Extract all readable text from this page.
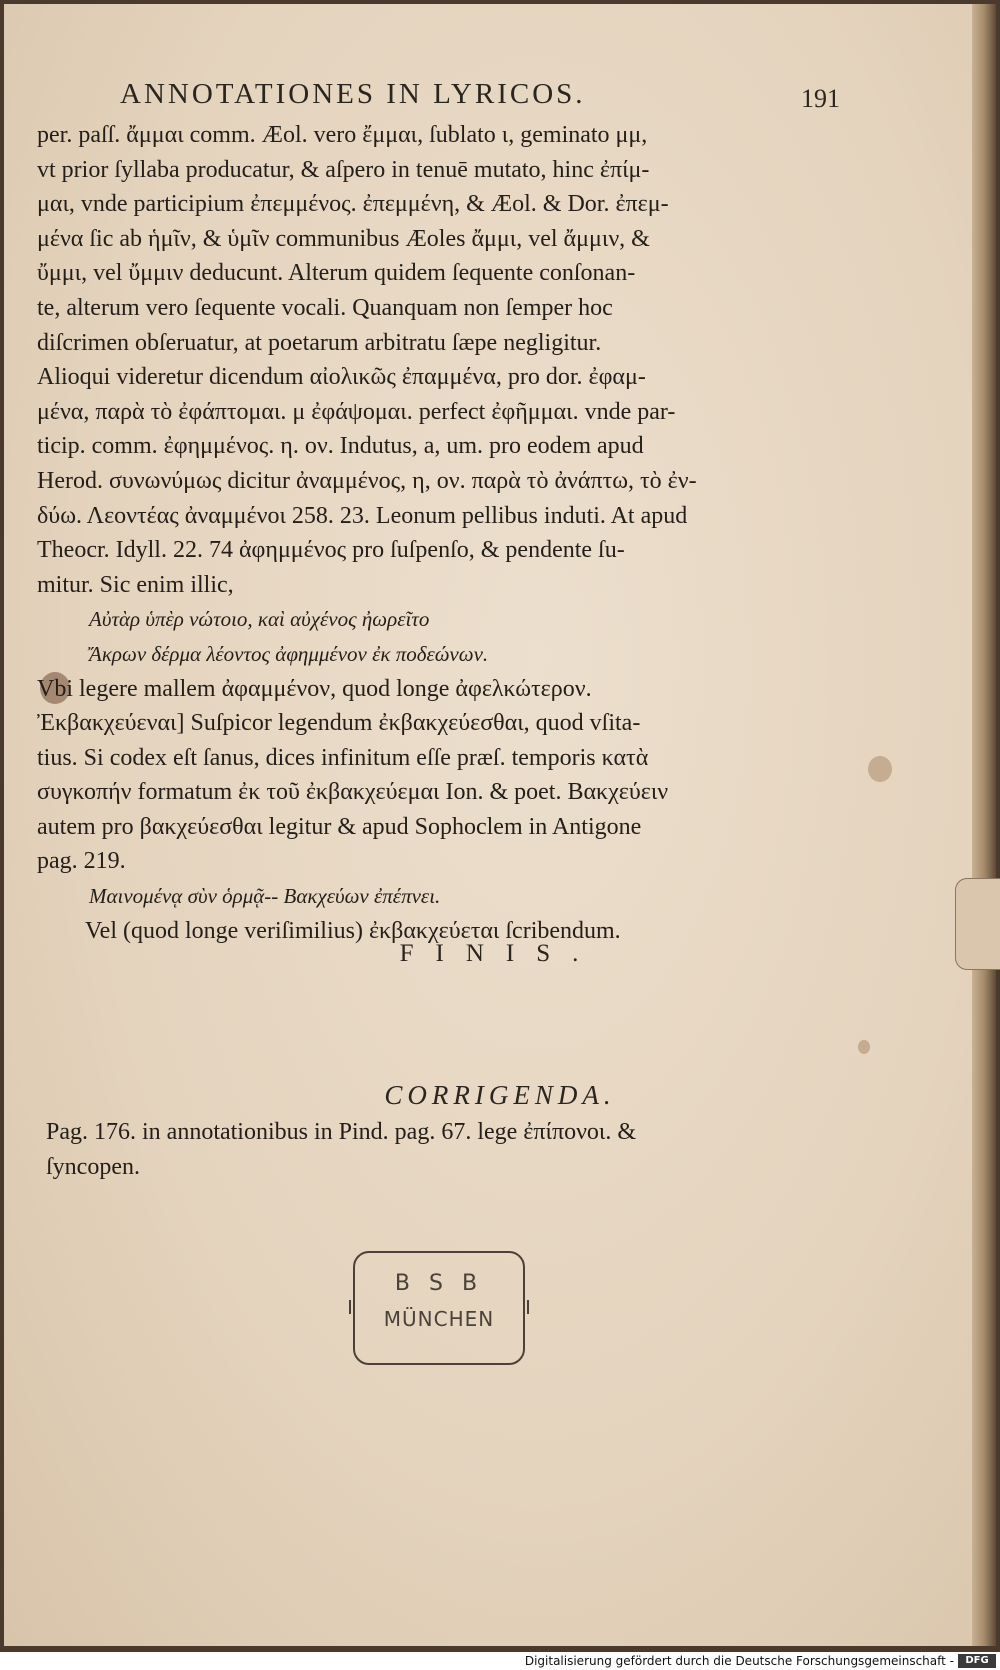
ANNOTATIONES IN LYRICOS.	191
per. paſſ. ἄμμαι comm. Æol. vero ἔμμαι, ſublato ι, geminato μμ,
vt prior ſyllaba producatur, & aſpero in tenuē mutato, hinc ἐπίμ-
μαι, vnde participium ἐπεμμένος. ἐπεμμένη, & Æol. & Dor. ἐπεμ-
μένα ſic ab ἡμῖν, & ὑμῖν communibus Æoles ἄμμι, vel ἄμμιν, &
ὔμμι, vel ὔμμιν deducunt. Alterum quidem ſequente conſonan-
te, alterum vero ſequente vocali. Quanquam non ſemper hoc
diſcrimen obſeruatur, at poetarum arbitratu ſæpe negligitur.
Alioqui videretur dicendum αἰολικῶς ἐπαμμένα, pro dor. ἐφαμ-
μένα, παρὰ τὸ ἐφάπτομαι. μ ἐφάψομαι. perfect ἐφῆμμαι. vnde par-
ticip. comm. ἐφημμένος. η. ον. Indutus, a, um. pro eodem apud
Herod. συνωνύμως dicitur ἀναμμένος, η, ον. παρὰ τὸ ἀνάπτω, τὸ ἐν-
δύω. Λεοντέας ἀναμμένοι 258. 23. Leonum pellibus induti. At apud
Theocr. Idyll. 22. 74 ἀφημμένος pro ſuſpenſo, & pendente ſu-
mitur. Sic enim illic,
Αὐτὰρ ὑπὲρ νώτοιο, καὶ αὐχένος ἠωρεῖτο
Ἄκρων δέρμα λέοντος ἀφημμένον ἐκ ποδεώνων.
Vbi legere mallem ἀφαμμένον, quod longe ἀφελκώτερον.
Ἐκβακχεύεναι] Suſpicor legendum ἐκβακχεύεσθαι, quod vſita-
tius. Si codex eſt ſanus, dices infinitum eſſe præſ. temporis κατὰ
συγκοπήν formatum ἐκ τοῦ ἐκβακχεύεμαι Ion. & poet. Βακχεύειν
autem pro βακχεύεσθαι legitur & apud Sophoclem in Antigone
pag. 219.
Μαινομένᾳ σὺν ὁρμᾷ-- Βακχεύων ἐπέπνει.
Vel (quod longe veriſimilius) ἐκβακχεύεται ſcribendum.
FINIS.
CORRIGENDA.
Pag. 176. in annotationibus in Pind. pag. 67. lege ἐπίπονοι. &
ſyncopen.
B S B
MÜNCHEN
Digitalisierung gefördert durch die Deutsche Forschungsgemeinschaft -	DFG
